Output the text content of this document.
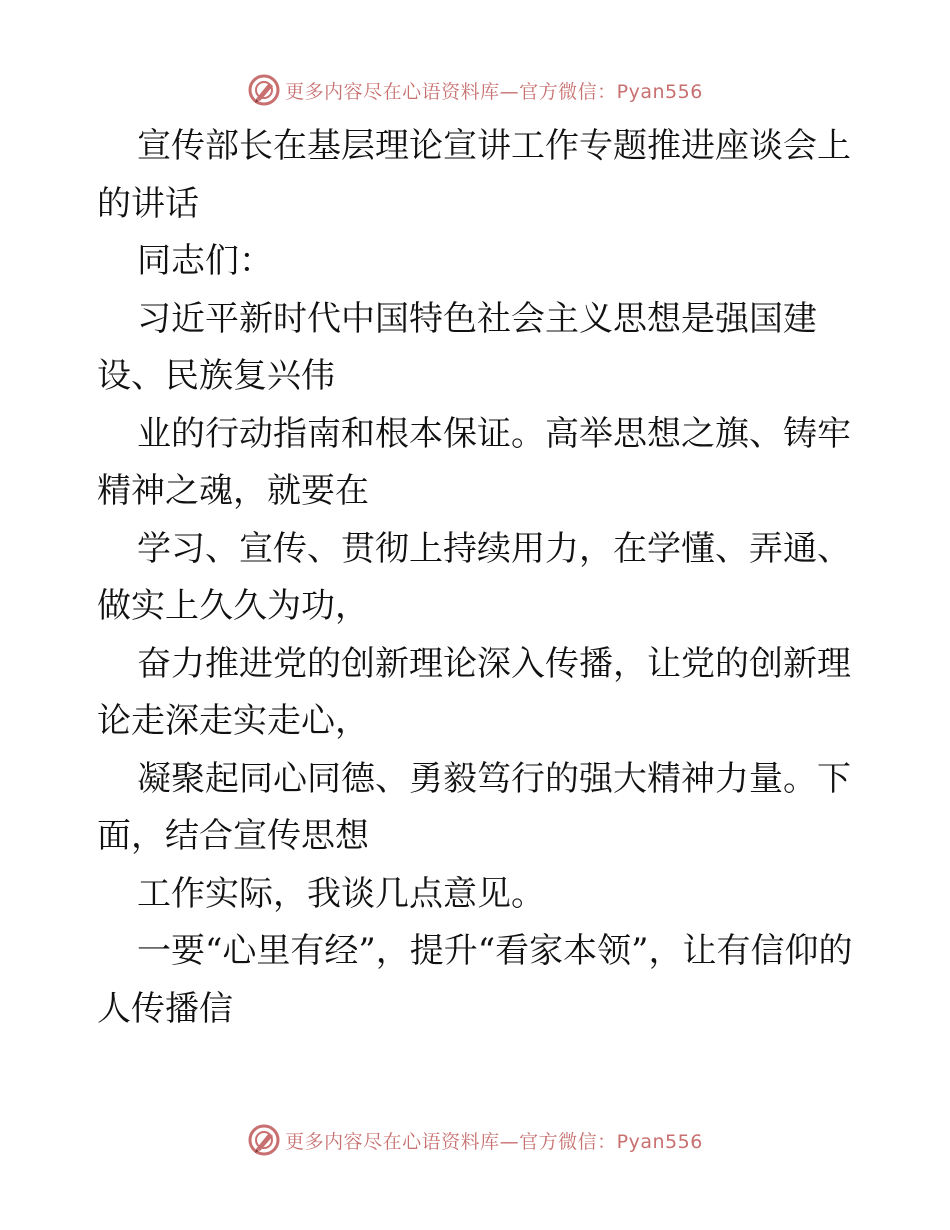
更多内容尽在心语资料库—官方微信：Pyan556

宣传部长在基层理论宣讲工作专题推进座谈会上的讲话

同志们：

习近平新时代中国特色社会主义思想是强国建设、民族复兴伟

业的行动指南和根本保证。高举思想之旗、铸牢精神之魂，就要在

学习、宣传、贯彻上持续用力，在学懂、弄通、做实上久久为功，

奋力推进党的创新理论深入传播，让党的创新理论走深走实走心，

凝聚起同心同德、勇毅笃行的强大精神力量。下面，结合宣传思想

工作实际，我谈几点意见。

一要“心里有经”，提升“看家本领”，让有信仰的人传播信

更多内容尽在心语资料库—官方微信：Pyan556
